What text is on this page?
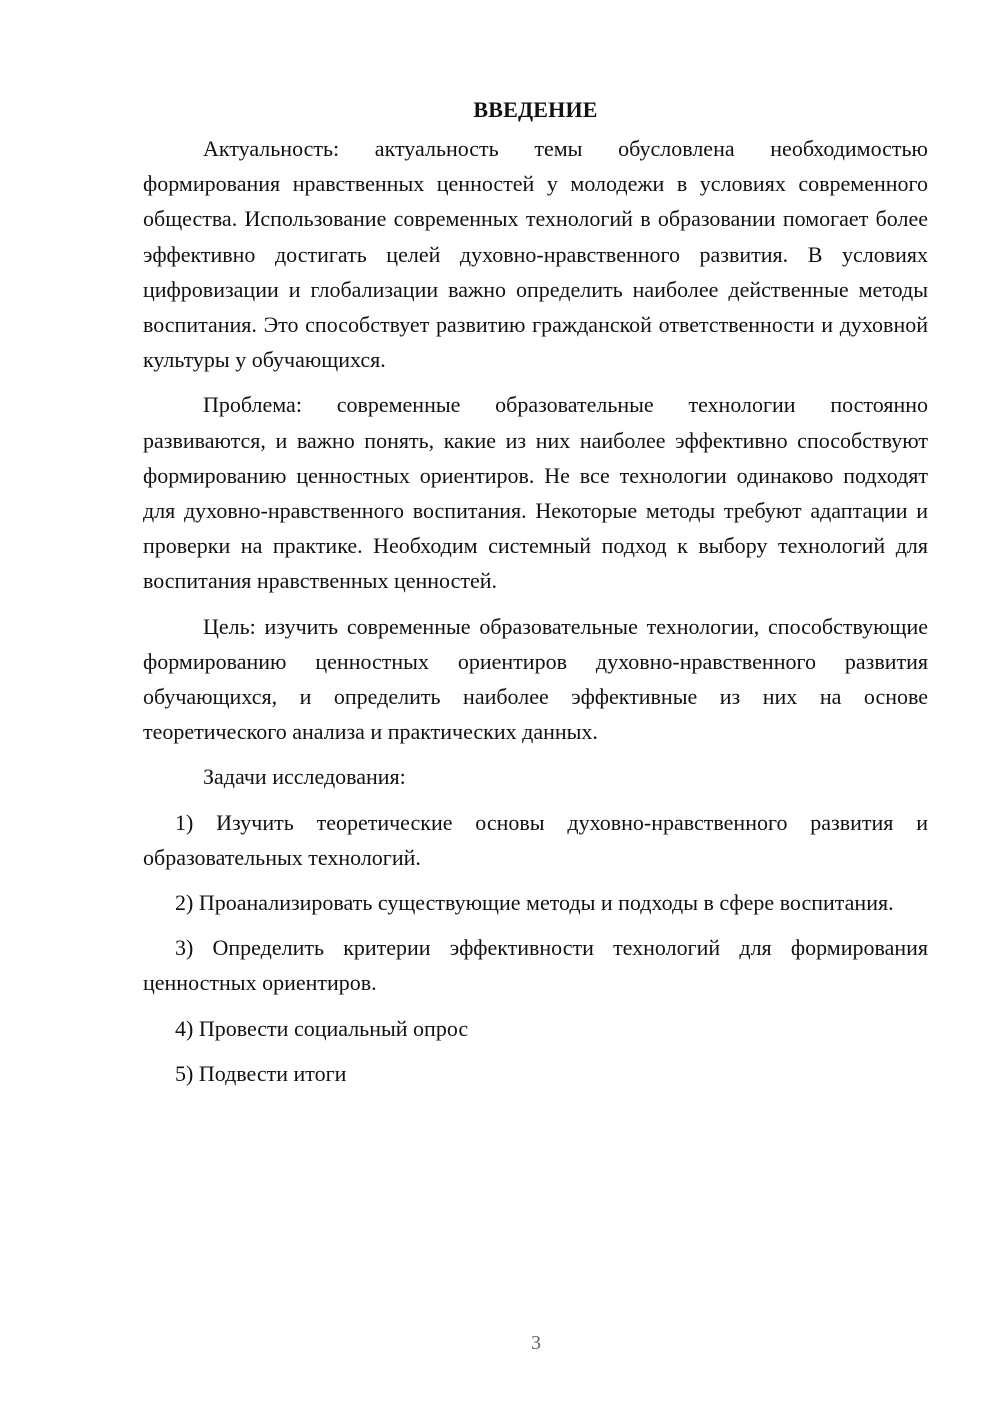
ВВЕДЕНИЕ

Актуальность: актуальность темы обусловлена необходимостью формирования нравственных ценностей у молодежи в условиях современного общества. Использование современных технологий в образовании помогает более эффективно достигать целей духовно-нравственного развития. В условиях цифровизации и глобализации важно определить наиболее действенные методы воспитания. Это способствует развитию гражданской ответственности и духовной культуры у обучающихся.

Проблема: современные образовательные технологии постоянно развиваются, и важно понять, какие из них наиболее эффективно способствуют формированию ценностных ориентиров. Не все технологии одинаково подходят для духовно-нравственного воспитания. Некоторые методы требуют адаптации и проверки на практике. Необходим системный подход к выбору технологий для воспитания нравственных ценностей.

Цель: изучить современные образовательные технологии, способствующие формированию ценностных ориентиров духовно-нравственного развития обучающихся, и определить наиболее эффективные из них на основе теоретического анализа и практических данных.

Задачи исследования:

1) Изучить теоретические основы духовно-нравственного развития и образовательных технологий.

2) Проанализировать существующие методы и подходы в сфере воспитания.

3) Определить критерии эффективности технологий для формирования ценностных ориентиров.

4) Провести социальный опрос

5) Подвести итоги

3
